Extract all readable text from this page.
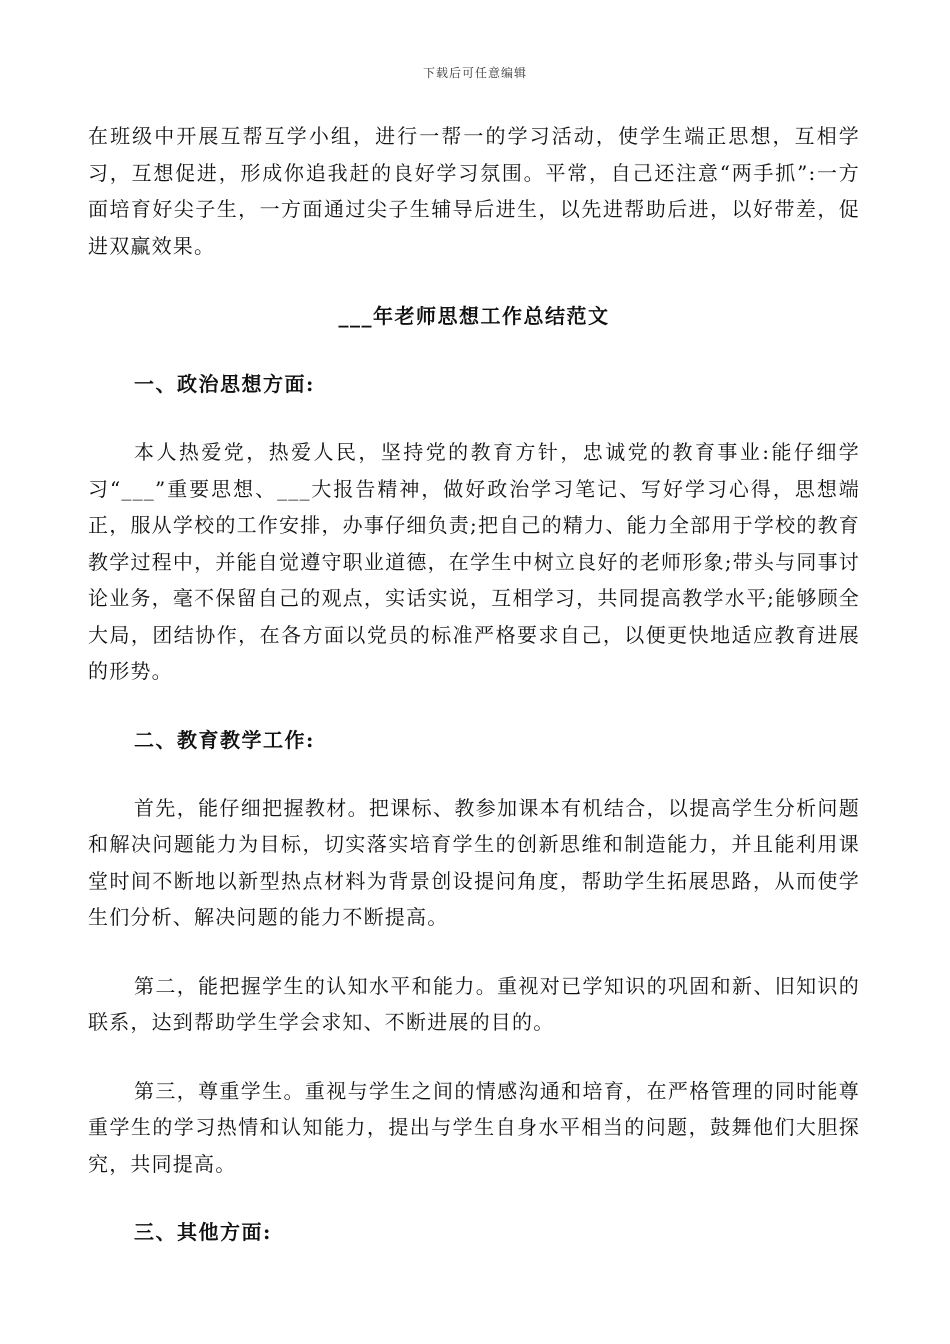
下载后可任意编辑

在班级中开展互帮互学小组，进行一帮一的学习活动，使学生端正思想，互相学习，互想促进，形成你追我赶的良好学习氛围。平常，自己还注意“两手抓”:一方面培育好尖子生，一方面通过尖子生辅导后进生，以先进帮助后进，以好带差，促进双赢效果。

___年老师思想工作总结范文
一、政治思想方面:

本人热爱党，热爱人民，坚持党的教育方针，忠诚党的教育事业:能仔细学习“___”重要思想、___大报告精神，做好政治学习笔记、写好学习心得，思想端正，服从学校的工作安排，办事仔细负责;把自己的精力、能力全部用于学校的教育教学过程中，并能自觉遵守职业道德，在学生中树立良好的老师形象;带头与同事讨论业务，毫不保留自己的观点，实话实说，互相学习，共同提高教学水平;能够顾全大局，团结协作，在各方面以党员的标准严格要求自己，以便更快地适应教育进展的形势。

二、教育教学工作:

首先，能仔细把握教材。把课标、教参加课本有机结合，以提高学生分析问题和解决问题能力为目标，切实落实培育学生的创新思维和制造能力，并且能利用课堂时间不断地以新型热点材料为背景创设提问角度，帮助学生拓展思路，从而使学生们分析、解决问题的能力不断提高。

第二，能把握学生的认知水平和能力。重视对已学知识的巩固和新、旧知识的联系，达到帮助学生学会求知、不断进展的目的。

第三，尊重学生。重视与学生之间的情感沟通和培育，在严格管理的同时能尊重学生的学习热情和认知能力，提出与学生自身水平相当的问题，鼓舞他们大胆探究，共同提高。

三、其他方面:
